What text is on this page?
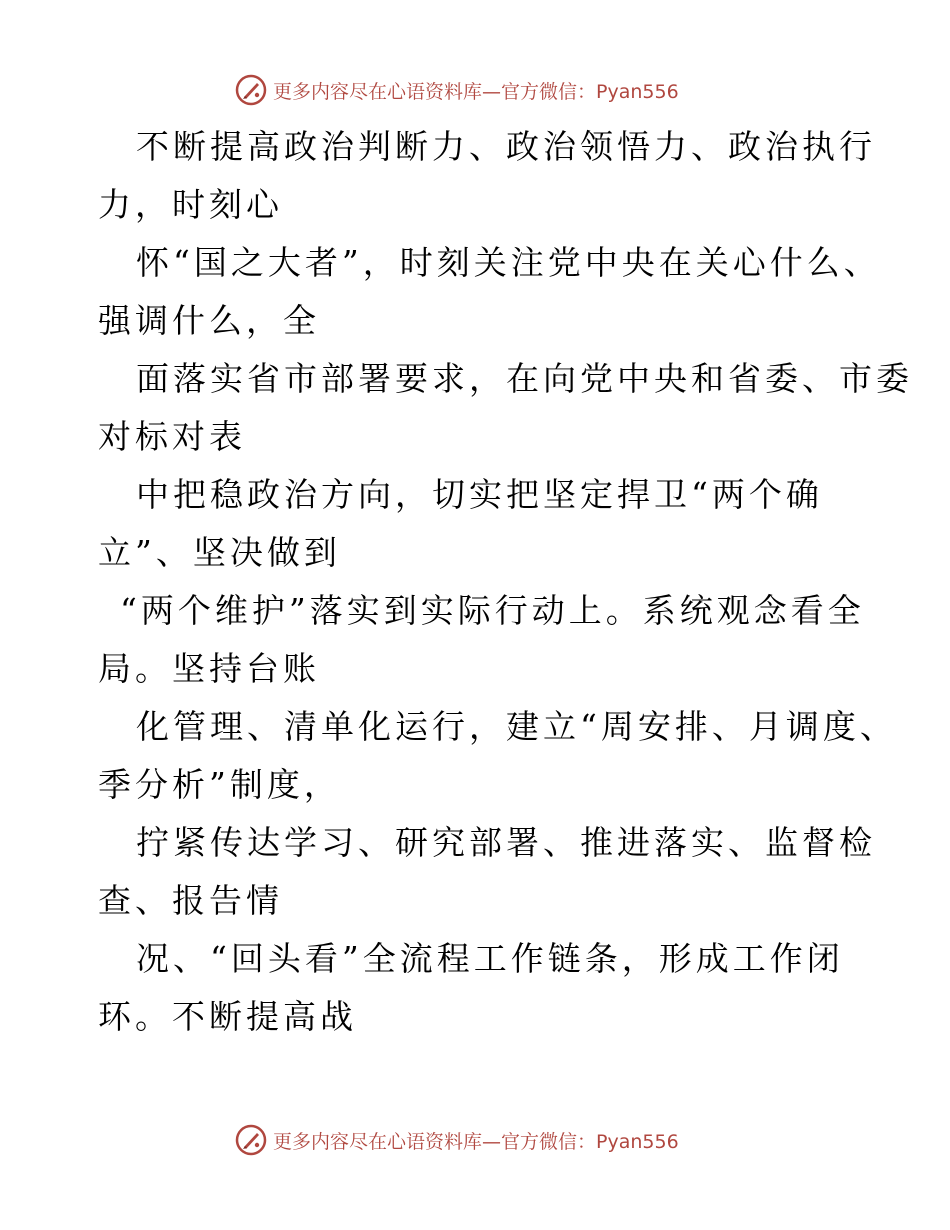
更多内容尽在心语资料库—官方微信：Pyan556

不断提高政治判断力、政治领悟力、政治执行

力，时刻心

怀“国之大者”，时刻关注党中央在关心什么、

强调什么，全

面落实省市部署要求，在向党中央和省委、市委

对标对表

中把稳政治方向，切实把坚定捍卫“两个确

立”、坚决做到

“两个维护”落实到实际行动上。系统观念看全

局。坚持台账

化管理、清单化运行，建立“周安排、月调度、

季分析”制度，

拧紧传达学习、研究部署、推进落实、监督检

查、报告情

况、“回头看”全流程工作链条，形成工作闭

环。不断提高战

更多内容尽在心语资料库—官方微信：Pyan556
